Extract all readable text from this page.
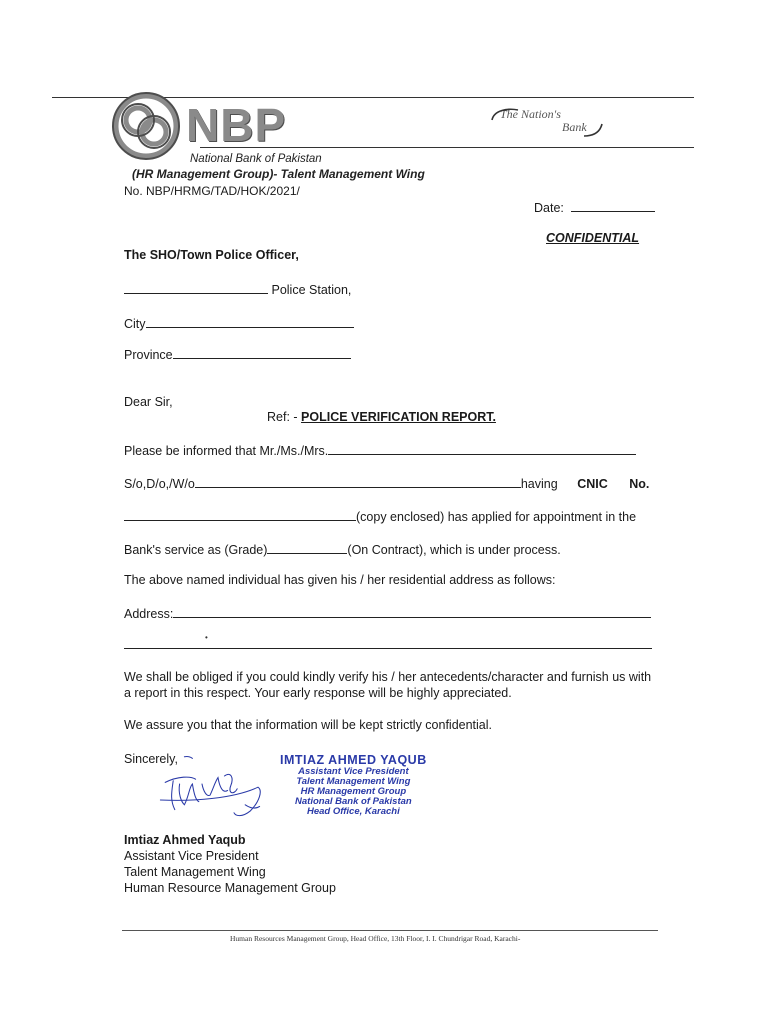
NBP	The Nation's
Bank
National Bank of Pakistan
(HR Management Group)- Talent Management Wing
No. NBP/HRMG/TAD/HOK/2021/
Date:
CONFIDENTIAL
The SHO/Town Police Officer,
Police Station,
City
Province
Dear Sir,
Ref: - POLICE VERIFICATION REPORT.
Please be informed that Mr./Ms./Mrs.
S/o,D/o,/W/o	having CNIC No.
(copy enclosed) has applied for appointment in the
Bank's service as (Grade)	(On Contract), which is under process.
The above named individual has given his / her residential address as follows:
Address:
•
We shall be obliged if you could kindly verify his / her antecedents/character and furnish us with a report in this respect. Your early response will be highly appreciated.
We assure you that the information will be kept strictly confidential.
Sincerely,	IMTIAZ AHMED YAQUB
Assistant Vice President
Talent Management Wing
HR Management Group
National Bank of Pakistan
Head Office, Karachi
Imtiaz Ahmed Yaqub
Assistant Vice President
Talent Management Wing
Human Resource Management Group
Human Resources Management Group, Head Office, 13th Floor, I. I. Chundrigar Road, Karachi-
